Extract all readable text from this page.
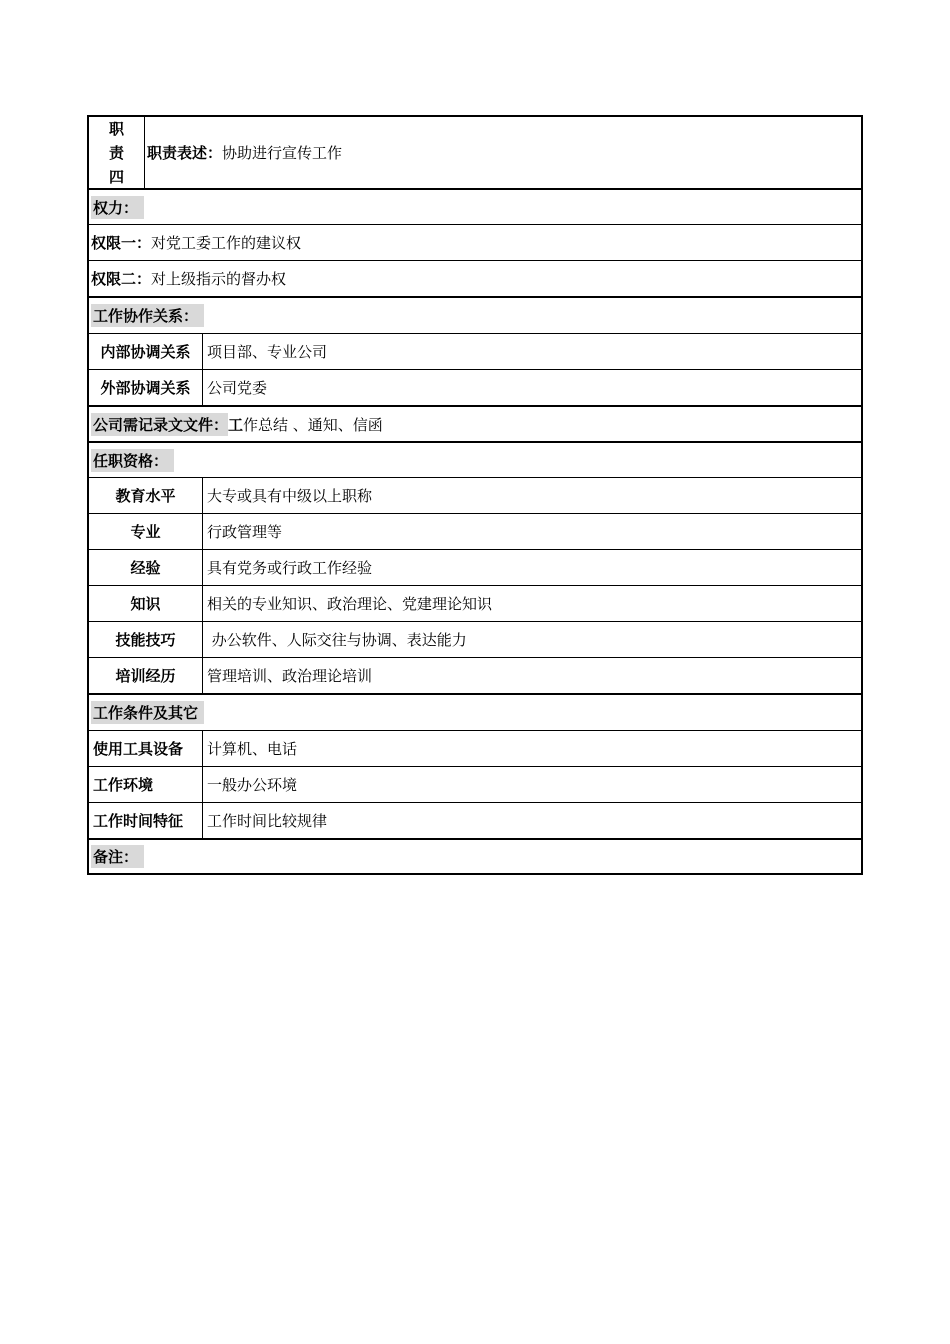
职
责
四
职责表述： 协助进行宣传工作
权力：
权限一： 对党工委工作的建议权
权限二： 对上级指示的督办权
工作协作关系：
内部协调关系	项目部、专业公司
外部协调关系	公司党委
公司需记录文文件： 工 作总结 、通知、信函
任职资格：
教育水平	大专或具有中级以上职称
专业	行政管理等
经验	具有党务或行政工作经验
知识	相关的专业知识、政治理论、党建理论知识
技能技巧	办公软件、人际交往与协调、表达能力
培训经历	管理培训、政治理论培训
工作条件及其它
使用工具设备	计算机、电话
工作环境	一般办公环境
工作时间特征	工作时间比较规律
备注：
